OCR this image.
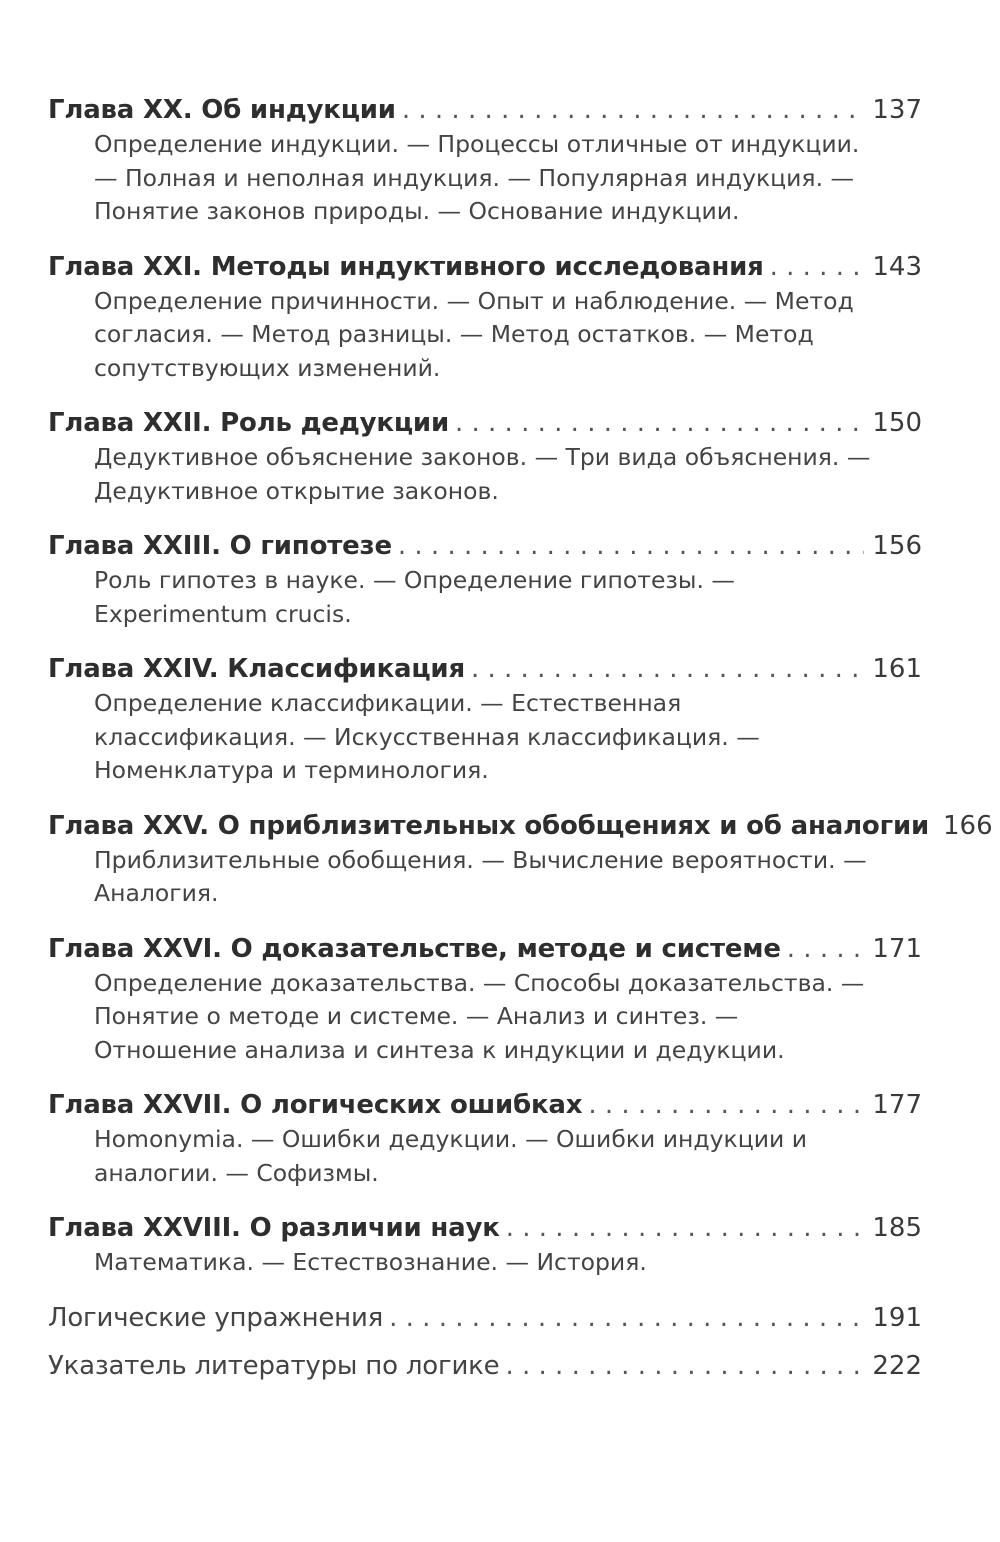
Глава XX. Об индукции . . .	137
Определение индукции. — Процессы отличные от индукции. — Полная и неполная индукция. — Популярная индукция. — Понятие законов природы. — Основание индукции.
Глава XXI. Методы индуктивного исследования . . .	143
Определение причинности. — Опыт и наблюдение. — Метод согласия. — Метод разницы. — Метод остатков. — Метод сопутствующих изменений.
Глава XXII. Роль дедукции . . .	150
Дедуктивное объяснение законов. — Три вида объяснения. — Дедуктивное открытие законов.
Глава XXIII. О гипотезе . . .	156
Роль гипотез в науке. — Определение гипотезы. — Experimentum crucis.
Глава XXIV. Классификация . . .	161
Определение классификации. — Естественная классификация. — Искусственная классификация. — Номенклатура и терминология.
Глава XXV. О приблизительных обобщениях и об аналогии 166
Приблизительные обобщения. — Вычисление вероятности. — Аналогия.
Глава XXVI. О доказательстве, методе и системе . . .	171
Определение доказательства. — Способы доказательства. — Понятие о методе и системе. — Анализ и синтез. — Отношение анализа и синтеза к индукции и дедукции.
Глава XXVII. О логических ошибках . . .	177
Homonymia. — Ошибки дедукции. — Ошибки индукции и аналогии. — Софизмы.
Глава XXVIII. О различии наук . . .	185
Математика. — Естествознание. — История.
Логические упражнения . . .	191
Указатель литературы по логике . . .	222
